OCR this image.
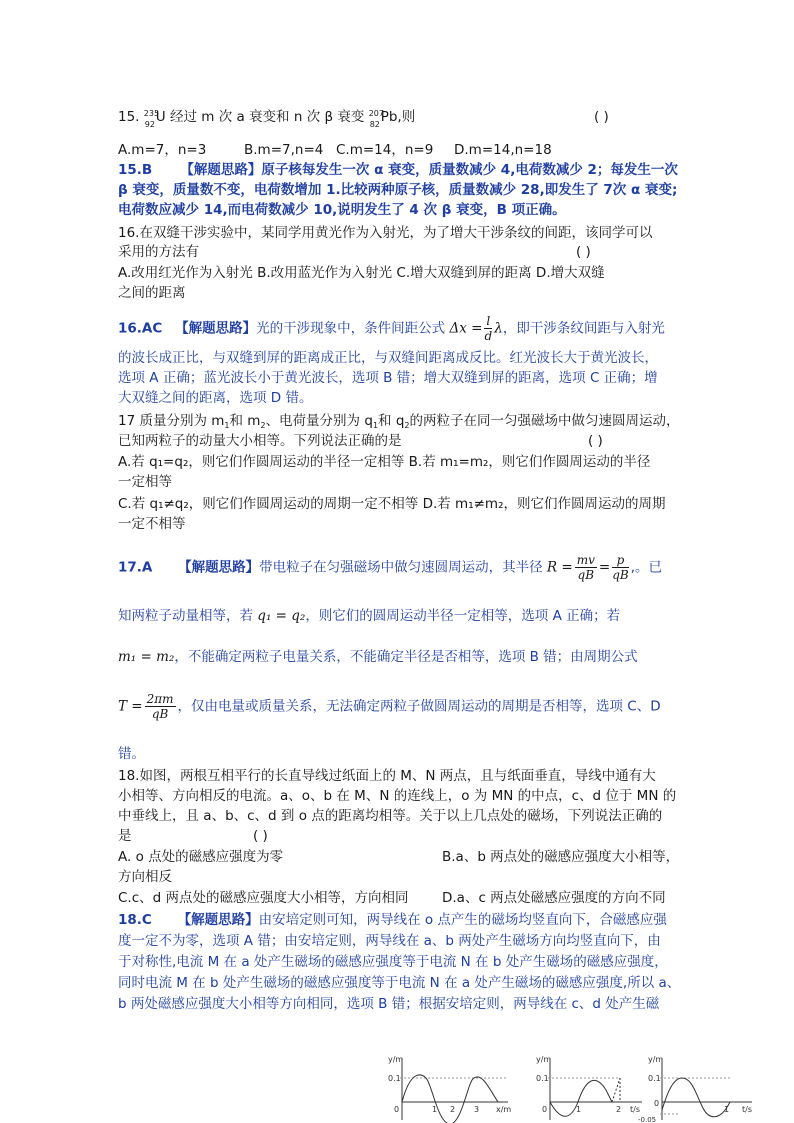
15. 235
92 U 经过 m 次 a 衰变和 n 次 β 衰变 207
82 Pb,则	( )
A.m=7，n=3	B.m=7,n=4 C.m=14，n=9 D.m=14,n=18
15.B 【解题思路】原子核每发生一次 α 衰变，质量数减少 4,电荷数减少 2；每发生一次
β 衰变，质量数不变，电荷数增加 1.比较两种原子核，质量数减少 28,即发生了 7次 α 衰变;
电荷数应减少 14,而电荷数减少 10,说明发生了 4 次 β 衰变，B 项正确。
16.在双缝干涉实验中，某同学用黄光作为入射光，为了增大干涉条纹的间距，该同学可以
采用的方法有	( )
A.改用红光作为入射光 B.改用蓝光作为入射光 C.增大双缝到屏的距离 D.增大双缝
之间的距离
16.AC 【解题思路】光的干涉现象中，条件间距公式 $\Delta x = \frac{l}{d}$ λ，即干涉条纹间距与入射光
的波长成正比，与双缝到屏的距离成正比，与双缝间距离成反比。红光波长大于黄光波长，
选项 A 正确；蓝光波长小于黄光波长，选项 B 错；增大双缝到屏的距离，选项 C 正确；增
大双缝之间的距离，选项 D 错。
17 质量分别为 $m_1$和 $m_2$、电荷量分别为 $q_1$和 $q_2$的两粒子在同一匀强磁场中做匀速圆周运动，
已知两粒子的动量大小相等。下列说法正确的是	( )
A.若 q₁=q₂，则它们作圆周运动的半径一定相等 B.若 m₁=m₂，则它们作圆周运动的半径
一定相等
C.若 q₁≠q₂，则它们作圆周运动的周期一定不相等 D.若 m₁≠m₂，则它们作圆周运动的周期
一定不相等
17.A 【解题思路】带电粒子在匀强磁场中做匀速圆周运动，其半径 $R = \frac{mv}{qB} = \frac{p}{qB}$ ,。已
知两粒子动量相等，若 q₁ = q₂，则它们的圆周运动半径一定相等，选项 A 正确；若
m₁ = m₂，不能确定两粒子电量关系，不能确定半径是否相等，选项 B 错；由周期公式
$T = \frac{2\pi m}{qB}$ ，仅由电量或质量关系，无法确定两粒子做圆周运动的周期是否相等，选项 C、D
错。
18.如图，两根互相平行的长直导线过纸面上的 M、N 两点，且与纸面垂直，导线中通有大
小相等、方向相反的电流。a、o、b 在 M、N 的连线上，o 为 MN 的中点，c、d 位于 MN 的
中垂线上，且 a、b、c、d 到 o 点的距离均相等。关于以上几点处的磁场，下列说法正确的
是	( )
A. o 点处的磁感应强度为零	B.a、b 两点处的磁感应强度大小相等，
方向相反
C.c、d 两点处的磁感应强度大小相等，方向相同 D.a、c 两点处磁感应强度的方向不同
18.C 【解题思路】由安培定则可知，两导线在 o 点产生的磁场均竖直向下，合磁感应强
度一定不为零，选项 A 错；由安培定则，两导线在 a、b 两处产生磁场方向均竖直向下，由
于对称性,电流 M 在 a 处产生磁场的磁感应强度等于电流 N 在 b 处产生磁场的磁感应强度，
同时电流 M 在 b 处产生磁场的磁感应强度等于电流 N 在 a 处产生磁场的磁感应强度,所以 a、
b 两处磁感应强度大小相等方向相同，选项 B 错；根据安培定则，两导线在 c、d 处产生磁
y/m
0.1
0	1 2 3 x/m
y/m
0.1
0	1	2 t/s
y/m
0.1
0
-0.05
1 t/s
